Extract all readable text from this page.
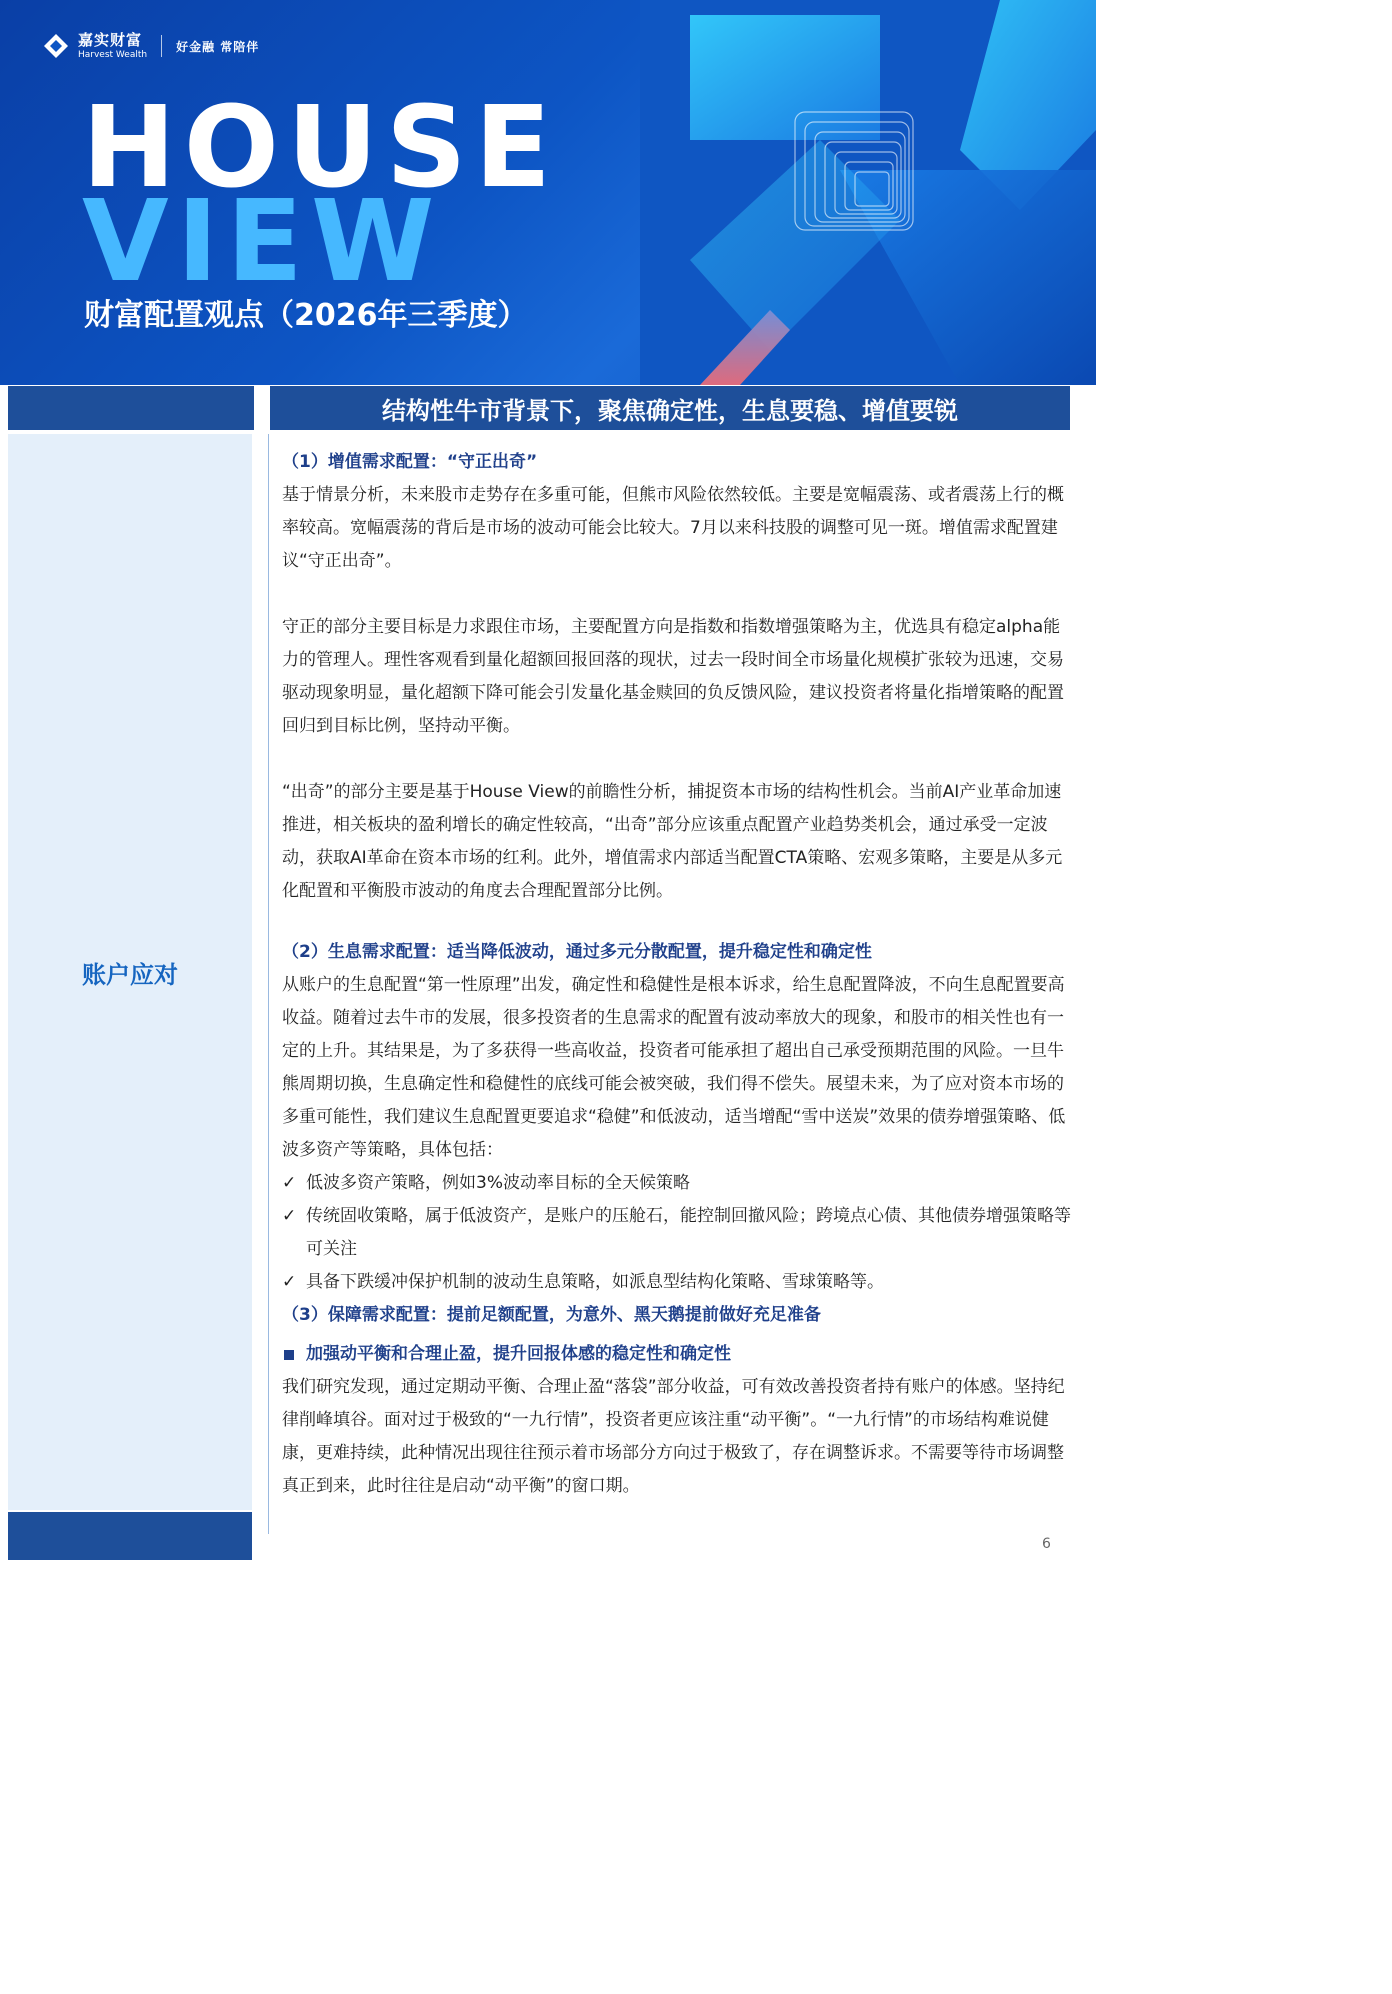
嘉实财富
Harvest Wealth
好金融 常陪伴
HOUSE
VIEW
财富配置观点（2026年三季度）
结构性牛市背景下，聚焦确定性，生息要稳、增值要锐
账户应对

（1）增值需求配置：“守正出奇”

基于情景分析，未来股市走势存在多重可能，但熊市风险依然较低。主要是宽幅震荡、或者震荡上行的概率较高。宽幅震荡的背后是市场的波动可能会比较大。7月以来科技股的调整可见一斑。增值需求配置建议“守正出奇”。

守正的部分主要目标是力求跟住市场，主要配置方向是指数和指数增强策略为主，优选具有稳定alpha能力的管理人。理性客观看到量化超额回报回落的现状，过去一段时间全市场量化规模扩张较为迅速，交易驱动现象明显，量化超额下降可能会引发量化基金赎回的负反馈风险，建议投资者将量化指增策略的配置回归到目标比例，坚持动平衡。

“出奇”的部分主要是基于House View的前瞻性分析，捕捉资本市场的结构性机会。当前AI产业革命加速推进，相关板块的盈利增长的确定性较高，“出奇”部分应该重点配置产业趋势类机会，通过承受一定波动，获取AI革命在资本市场的红利。此外，增值需求内部适当配置CTA策略、宏观多策略，主要是从多元化配置和平衡股市波动的角度去合理配置部分比例。

（2）生息需求配置：适当降低波动，通过多元分散配置，提升稳定性和确定性

从账户的生息配置“第一性原理”出发，确定性和稳健性是根本诉求，给生息配置降波，不向生息配置要高收益。随着过去牛市的发展，很多投资者的生息需求的配置有波动率放大的现象，和股市的相关性也有一定的上升。其结果是，为了多获得一些高收益，投资者可能承担了超出自己承受预期范围的风险。一旦牛熊周期切换，生息确定性和稳健性的底线可能会被突破，我们得不偿失。展望未来，为了应对资本市场的多重可能性，我们建议生息配置更要追求“稳健”和低波动，适当增配“雪中送炭”效果的债券增强策略、低波多资产等策略，具体包括：

✓ 低波多资产策略，例如3%波动率目标的全天候策略
✓ 传统固收策略，属于低波资产，是账户的压舱石，能控制回撤风险；跨境点心债、其他债券增强策略等可关注
✓ 具备下跌缓冲保护机制的波动生息策略，如派息型结构化策略、雪球策略等。

（3）保障需求配置：提前足额配置，为意外、黑天鹅提前做好充足准备

加强动平衡和合理止盈，提升回报体感的稳定性和确定性

我们研究发现，通过定期动平衡、合理止盈“落袋”部分收益，可有效改善投资者持有账户的体感。坚持纪律削峰填谷。面对过于极致的“一九行情”，投资者更应该注重“动平衡”。“一九行情”的市场结构难说健康，更难持续，此种情况出现往往预示着市场部分方向过于极致了，存在调整诉求。不需要等待市场调整真正到来，此时往往是启动“动平衡”的窗口期。

6
